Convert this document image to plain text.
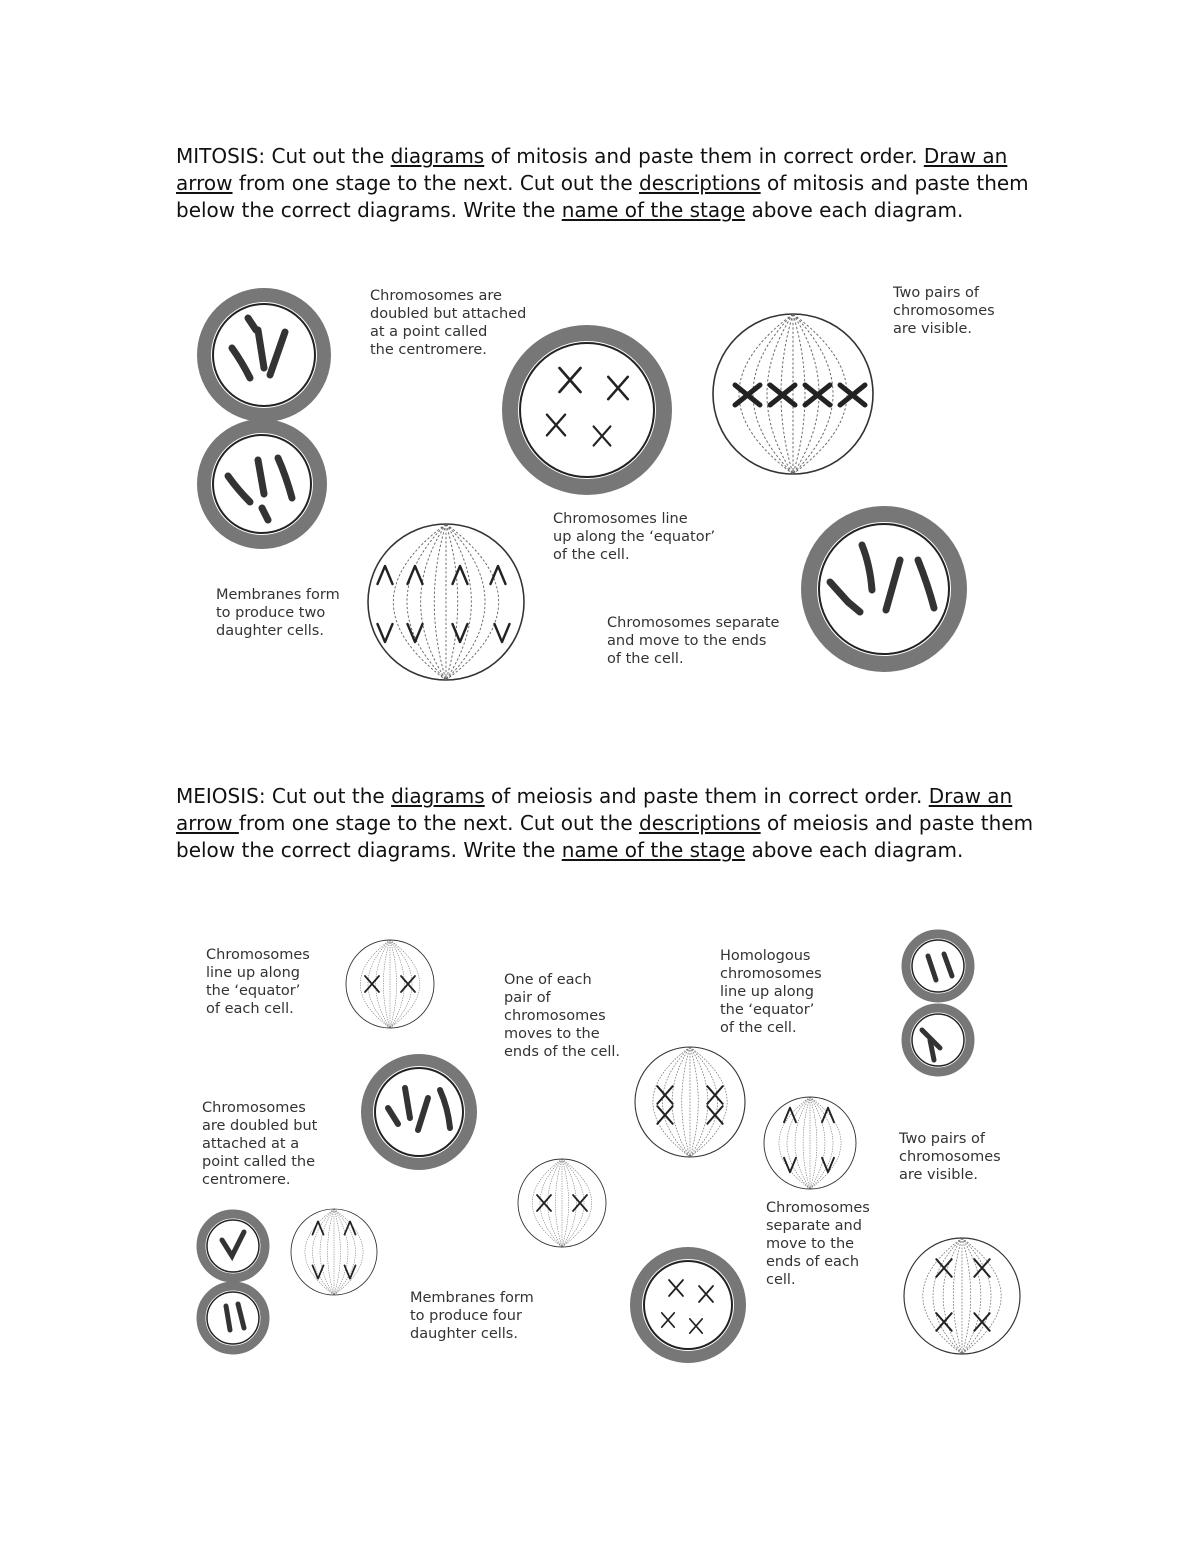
MITOSIS: Cut out the diagrams of mitosis and paste them in correct order. Draw an arrow from one stage to the next. Cut out the descriptions of mitosis and paste them below the correct diagrams. Write the name of the stage above each diagram.
MEIOSIS: Cut out the diagrams of meiosis and paste them in correct order. Draw an arrow from one stage to the next. Cut out the descriptions of meiosis and paste them below the correct diagrams. Write the name of the stage above each diagram.
Chromosomes are
doubled but attached
at a point called
the centromere.
Two pairs of
chromosomes
are visible.
Chromosomes line
up along the ‘equator’
of the cell.
Membranes form
to produce two
daughter cells.	Chromosomes separate
and move to the ends
of the cell.
Chromosomes
line up along
the ‘equator’
of each cell.
One of each
pair of
chromosomes
moves to the
ends of the cell.
Homologous
chromosomes
line up along
the ‘equator’
of the cell.
Chromosomes
are doubled but
attached at a
point called the
centromere.
Two pairs of
chromosomes
are visible.
Chromosomes
separate and
move to the
ends of each
cell.
Membranes form
to produce four
daughter cells.
